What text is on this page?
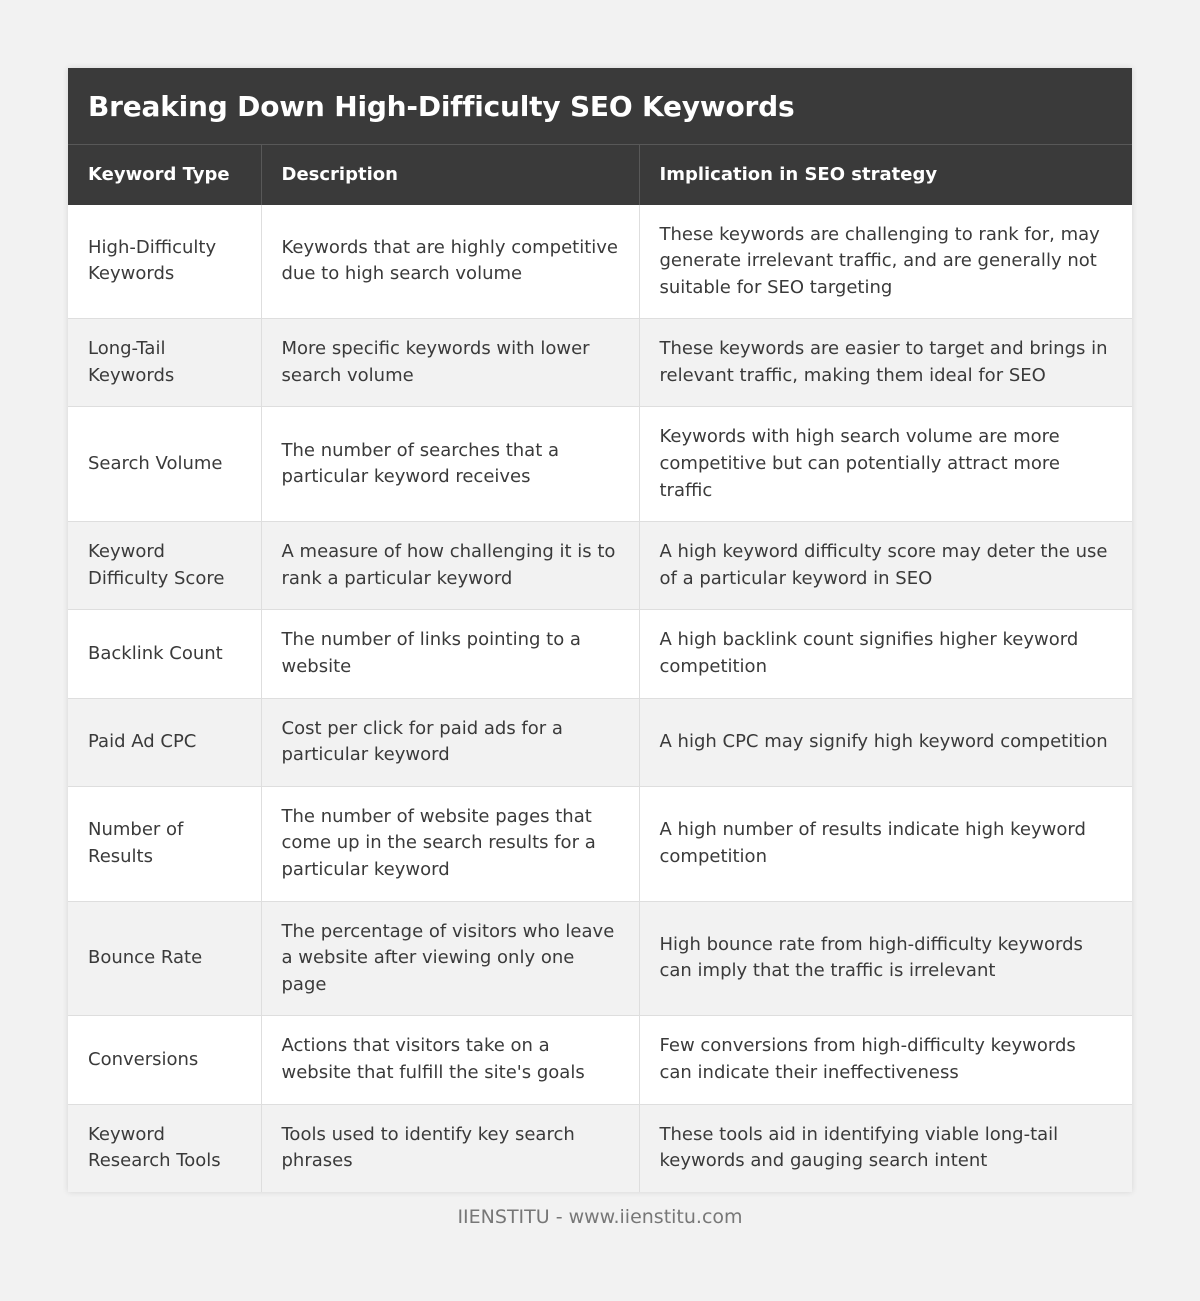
Breaking Down High-Difficulty SEO Keywords
Keyword Type	Description	Implication in SEO strategy
High-Difficulty Keywords	Keywords that are highly competitive due to high search volume	These keywords are challenging to rank for, may generate irrelevant traffic, and are generally not suitable for SEO targeting
Long-Tail Keywords	More specific keywords with lower search volume	These keywords are easier to target and brings in relevant traffic, making them ideal for SEO
Search Volume	The number of searches that a particular keyword receives	Keywords with high search volume are more competitive but can potentially attract more traffic
Keyword Difficulty Score	A measure of how challenging it is to rank a particular keyword	A high keyword difficulty score may deter the use of a particular keyword in SEO
Backlink Count	The number of links pointing to a website	A high backlink count signifies higher keyword competition
Paid Ad CPC	Cost per click for paid ads for a particular keyword	A high CPC may signify high keyword competition
Number of Results	The number of website pages that come up in the search results for a particular keyword	A high number of results indicate high keyword competition
Bounce Rate	The percentage of visitors who leave a website after viewing only one page	High bounce rate from high-difficulty keywords can imply that the traffic is irrelevant
Conversions	Actions that visitors take on a website that fulfill the site's goals	Few conversions from high-difficulty keywords can indicate their ineffectiveness
Keyword Research Tools	Tools used to identify key search phrases	These tools aid in identifying viable long-tail keywords and gauging search intent
IIENSTITU - www.iienstitu.com
